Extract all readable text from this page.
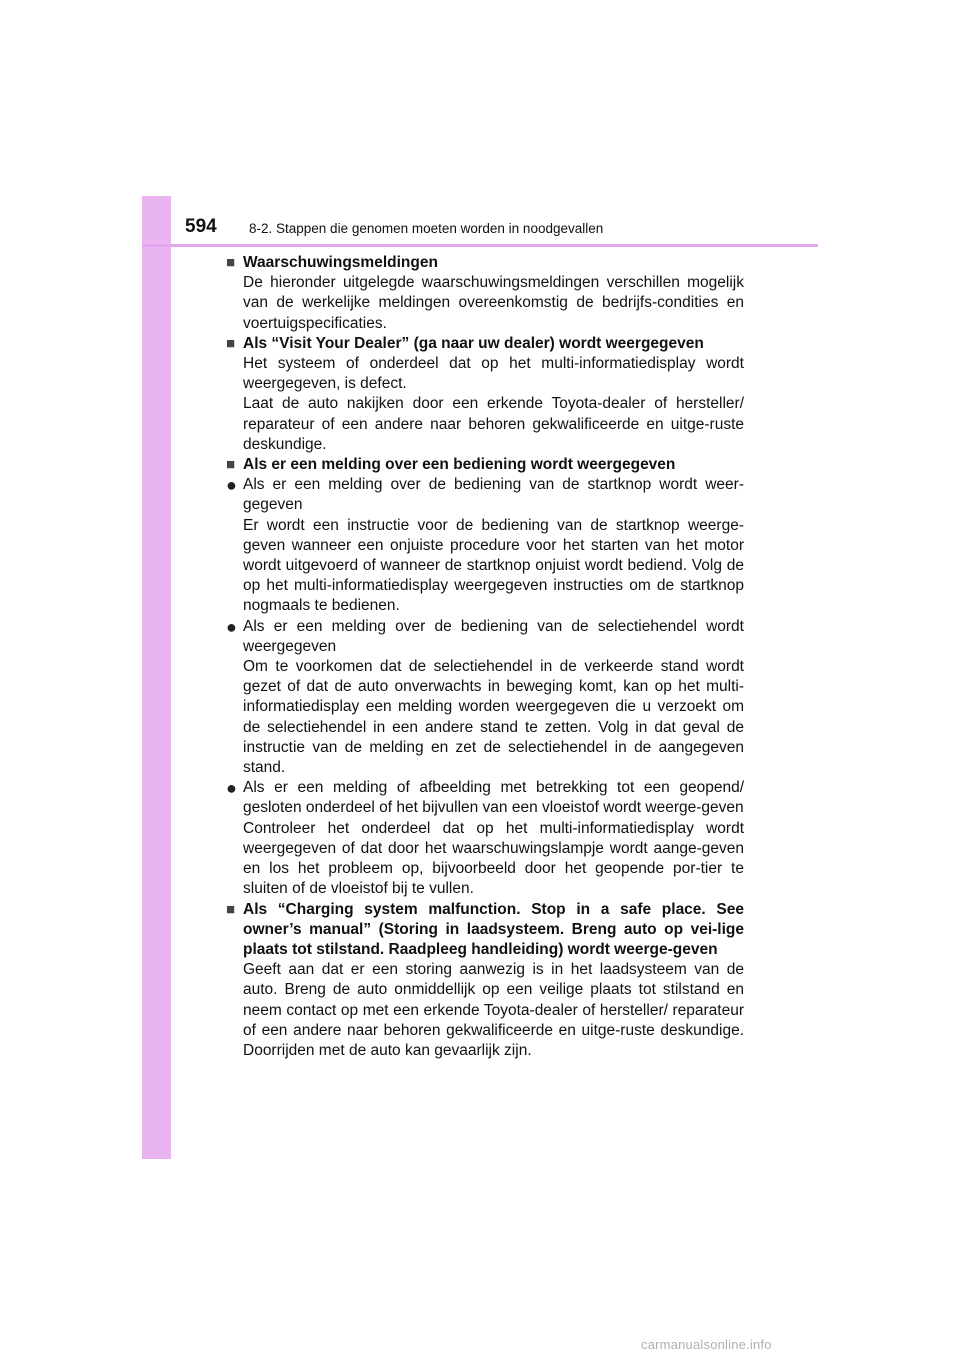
594 8-2. Stappen die genomen moeten worden in noodgevallen
■ Waarschuwingsmeldingen

De hieronder uitgelegde waarschuwingsmeldingen verschillen mogelijk van de werkelijke meldingen overeenkomstig de bedrijfs-condities en voertuigspecificaties.

■ Als “Visit Your Dealer” (ga naar uw dealer) wordt weergegeven

Het systeem of onderdeel dat op het multi-informatiedisplay wordt weergegeven, is defect.

Laat de auto nakijken door een erkende Toyota-dealer of hersteller/ reparateur of een andere naar behoren gekwalificeerde en uitge-ruste deskundige.

■ Als er een melding over een bediening wordt weergegeven
● Als er een melding over de bediening van de startknop wordt weer-gegeven

Er wordt een instructie voor de bediening van de startknop weerge-geven wanneer een onjuiste procedure voor het starten van het motor wordt uitgevoerd of wanneer de startknop onjuist wordt bediend. Volg de op het multi-informatiedisplay weergegeven instructies om de startknop nogmaals te bedienen.

● Als er een melding over de bediening van de selectiehendel wordt weergegeven

Om te voorkomen dat de selectiehendel in de verkeerde stand wordt gezet of dat de auto onverwachts in beweging komt, kan op het multi-informatiedisplay een melding worden weergegeven die u verzoekt om de selectiehendel in een andere stand te zetten. Volg in dat geval de instructie van de melding en zet de selectiehendel in de aangegeven stand.

● Als er een melding of afbeelding met betrekking tot een geopend/ gesloten onderdeel of het bijvullen van een vloeistof wordt weerge-geven

Controleer het onderdeel dat op het multi-informatiedisplay wordt weergegeven of dat door het waarschuwingslampje wordt aange-geven en los het probleem op, bijvoorbeeld door het geopende por-tier te sluiten of de vloeistof bij te vullen.

■ Als “Charging system malfunction. Stop in a safe place. See owner’s manual” (Storing in laadsysteem. Breng auto op vei-lige plaats tot stilstand. Raadpleeg handleiding) wordt weerge-geven

Geeft aan dat er een storing aanwezig is in het laadsysteem van de auto. Breng de auto onmiddellijk op een veilige plaats tot stilstand en neem contact op met een erkende Toyota-dealer of hersteller/ reparateur of een andere naar behoren gekwalificeerde en uitge-ruste deskundige. Doorrijden met de auto kan gevaarlijk zijn.

carmanualsonline.info
